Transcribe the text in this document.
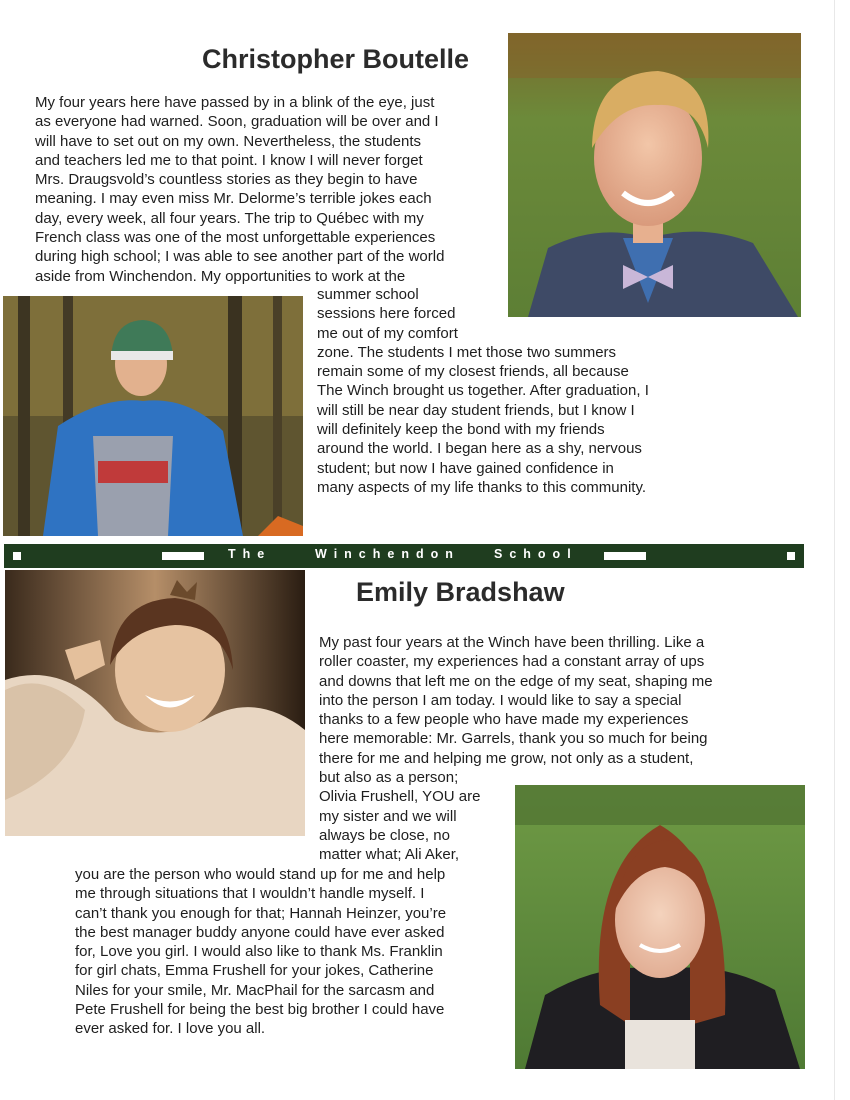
Christopher Boutelle
My four years here have passed by in a blink of the eye, just
as everyone had warned. Soon, graduation will be over and I
will have to set out on my own. Nevertheless, the students
and teachers led me to that point. I know I will never forget
Mrs. Draugsvold’s countless stories as they begin to have
meaning. I may even miss Mr. Delorme’s terrible jokes each
day, every week, all four years. The trip to Québec with my
French class was one of the most unforgettable experiences
during high school; I was able to see another part of the world
aside from Winchendon. My opportunities to work at the
summer school
sessions here forced
me out of my comfort
zone. The students I met those two summers
remain some of my closest friends, all because
The Winch brought us together. After graduation, I
will still be near day student friends, but I know I
will definitely keep the bond with my friends
around the world. I began here as a shy, nervous
student; but now I have gained confidence in
many aspects of my life thanks to this community.
The	Winchendon	School
Emily Bradshaw
My past four years at the Winch have been thrilling. Like a
roller coaster, my experiences had a constant array of ups
and downs that left me on the edge of my seat, shaping me
into the person I am today. I would like to say a special
thanks to a few people who have made my experiences
here memorable: Mr. Garrels, thank you so much for being
there for me and helping me grow, not only as a student,
but also as a person;
Olivia Frushell, YOU are
my sister and we will
always be close, no
matter what; Ali Aker,
you are the person who would stand up for me and help
me through situations that I wouldn’t handle myself. I
can’t thank you enough for that; Hannah Heinzer, you’re
the best manager buddy anyone could have ever asked
for, Love you girl. I would also like to thank Ms. Franklin
for girl chats, Emma Frushell for your jokes, Catherine
Niles for your smile, Mr. MacPhail for the sarcasm and
Pete Frushell for being the best big brother I could have
ever asked for. I love you all.
